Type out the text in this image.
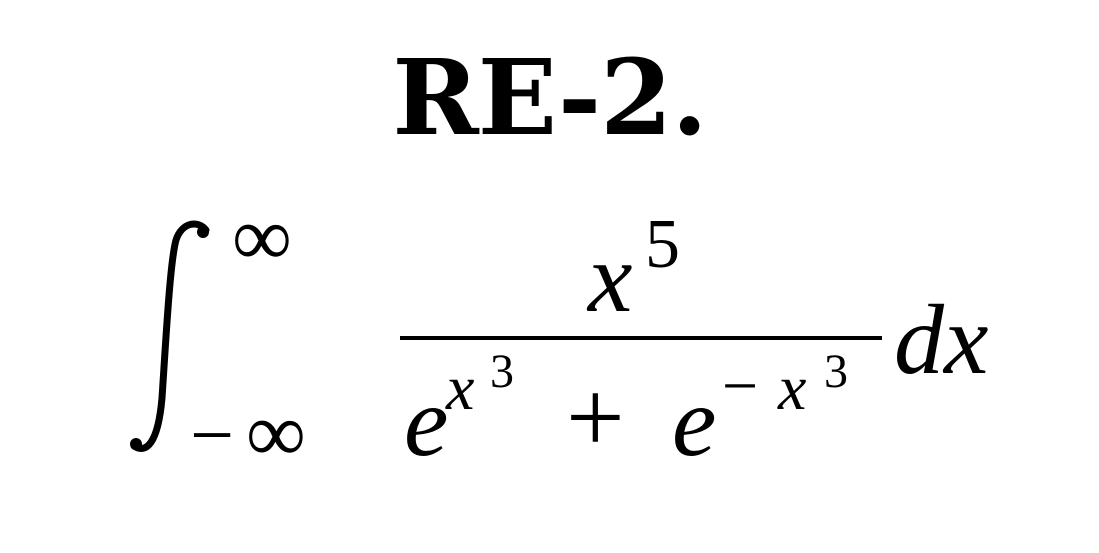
RE-2.
∞
− ∞
x 5
e
x 3 + e − x 3 dx
